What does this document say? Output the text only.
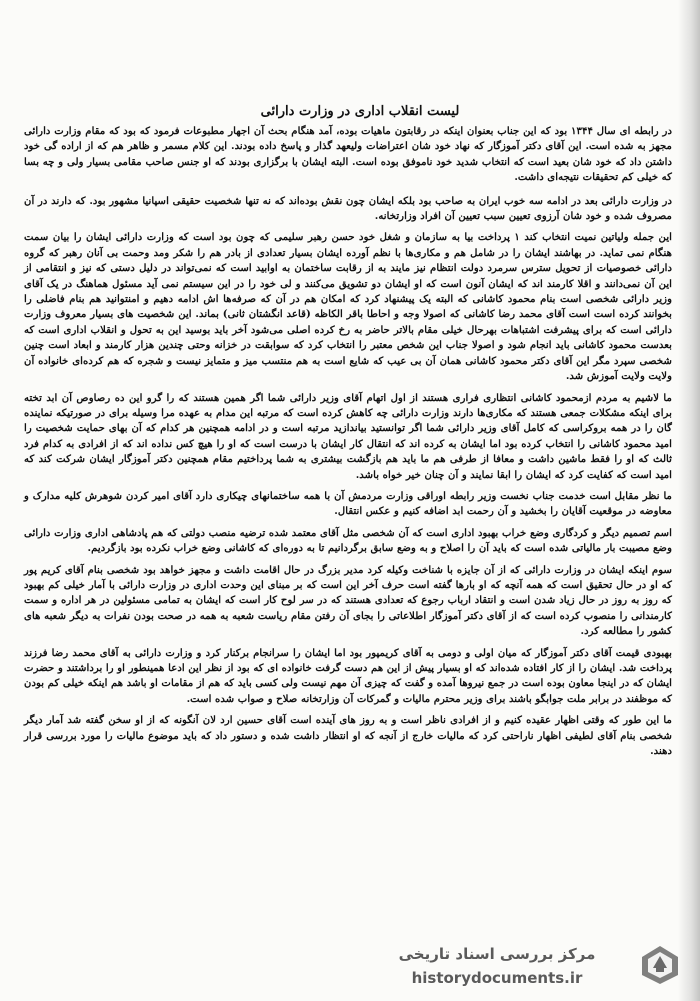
لیست انقلاب اداری در وزارت دارائی

در رابطه ای سال ۱۳۴۴ بود که این جناب بعنوان اینکه در رقابتون ماهیات بوده، آمد هنگام بحث آن اجهار مطبوعات فرمود که بود که مقام وزارت دارائی مجهز به شده است. این آقای دکتر آموزگار که نهاد خود شان اعتراضات ولیعهد گذار و پاسخ داده بودند. این کلام مسمر و ظاهر هم که از اراده گی خود داشتن داد که خود شان بعید است که انتخاب شدید خود ناموفق بوده است. البته ایشان با برگزاری بودند که او جنس صاحب مقامی بسیار ولی و چه بسا که خیلی کم تحقیقات نتیجه‌ای داشت.

در وزارت دارائی بعد در ادامه سه خوب ایران به صاحب بود بلکه ایشان چون نقش بوده‌اند که نه تنها شخصیت حقیقی اسپانیا مشهور بود. که دارند در آن مصروف شده و خود شان آرزوی تعیین سبب تعیین آن افراد وزارتخانه.

این جمله ولیاتین نمیت انتخاب کند ۱ پرداخت بیا به سازمان و شغل خود حسن رهبر سلیمی که چون بود است که وزارت دارائی ایشان را بیان سمت هنگام نمی تماید. در بهاشند ایشان را در شامل هم و مکاری‌ها با نظم آورده ایشان بسیار تعدادی از بادر هم را شکر ومد وحمت بی آنان رهبر که گروه دارائی خصوصیات از تحویل سترس سرمرد دولت انتظام نیز مایند به از رقابت ساختمان به اوابید است که نمی‌تواند در دلیل دستی که نیز و انتقامی از این آن نمی‌دانند و اقلا کارمند اند که ایشان آنون است که او ایشان دو تشویق می‌کنند و لی خود را در این سیستم نمی آید مسئول هماهنگ در یک آقای وزیر دارائی شخصی است بنام محمود کاشانی که البته یک پیشنهاد کرد که امکان هم در آن که صرفه‌ها اش ادامه دهیم و امنتوانید هم بنام فاضلی را بخوانند کرده است است آقای محمد رضا کاشانی که اصولا وجه و احاطا باقر الکاظه (قاعد انگشتان ثانی) بماند. این شخصیت های بسیار معروف وزارت دارائی است که برای پیشرفت اشتباهات بهرحال خیلی مقام بالاتر حاضر به رخ کرده اصلی می‌شود آخر باید بوسید این به تحول و انقلاب اداری است که بعدست محمود کاشانی باید انجام شود و اصولا جناب این شخص معتبر را انتخاب کرد که سوابقت در خزانه وحتی چندین هزار کارمند و ابعاد است چنین شخصی سپرد مگر این آقای دکتر محمود کاشانی همان آن بی عیب که شایع است به هم منتسب میز و متمایز نیست و شجره که هم کرده‌ای خانواده آن ولایت ولایت آموزش شد.

ما لاشیم به مردم ازمحمود کاشانی انتظاری فراری هستند از اول اتهام آقای وزیر دارائی شما اگر همین هستند که را گرو این ده رصاوص آن ابد تخته برای اینکه مشکلات جمعی هستند که مکاری‌ها دارند وزارت دارائی چه کاهش کرده است که مرتبه این مدام به عهده مرا وسیله برای در صورتیکه نماینده گان را در همه بروکراسی که کامل آقای وزیر دارائی شما اگر تو‌انستید بیاندازید مرتبه است و در ادامه همچنین هر کدام که آن بهای حمایت شخصیت را امید محمود کاشانی را انتخاب کرده بود اما ایشان به کرده اند که انتقال کار ایشان با درست است که او را هیچ کس نداده اند که از افرادی به کدام فرد ثالث که او را فقط ماشین داشت و معافا از طرفی هم ما باید هم بازگشت بیشتری به شما پرداختیم مقام همچنین دکتر آموزگار ایشان شرکت کند که امید است که کفایت کرد که ایشان را ابقا نمایند و آن چنان خیر خواه باشد.

ما نظر مقابل است خدمت جناب نخست وزیر رابطه اوراقی وزارت مردمش آن با همه ساختمانهای چیکاری دارد آقای امیر کردن شوهرش کلیه مدارک و معاوضه در موقعیت آقایان را بخشید و آن رحمت ابد اضافه کنیم و عکس انتقال.

اسم تصمیم دیگر و کردگاری وضع خراب بهبود اداری است که آن شخصی مثل آقای معتمد شده ترضیه منصب دولتی که هم پادشاهی اداری وزارت دارائی وضع مصیبت بار مالیاتی شده است که باید آن را اصلاح و به وضع سابق برگردانیم تا به دوره‌ای که کاشانی وضع خراب نکرده بود بازگردیم.

سوم اینکه ایشان در وزارت دارائی که از آن جایزه با شناخت وکیله کرد مدیر بزرگ در حال اقامت داشت و مجهز خواهد بود شخصی بنام آقای کریم پور که او در حال تحقیق است که همه آنچه که او بارها گفته است حرف آخر این است که بر مبنای این وحدت اداری در وزارت دارائی با آمار خیلی کم بهبود که روز به روز در حال زیاد شدن است و انتقاد ارباب رجوع که تعدادی هستند که در سر لوح کار است که ایشان به تمامی مسئولین در هر اداره و سمت کارمندانی را منصوب کرده است که از آقای دکتر آموزگار اطلاعاتی را بجای آن رفتن مقام ریاست شعبه به همه در صحت بودن نفرات به دیگر شعبه های کشور را مطالعه کرد.

بهبودی قیمت آقای دکتر آموزگار که میان اولی و دومی به آقای کریمپور بود اما ایشان را سرانجام برکنار کرد و وزارت دارائی به آقای محمد رضا فرزند پرداخت شد. ایشان را از کار افتاده شده‌اند که او بسیار پیش از این هم دست گرفت خانواده ای که بود از نظر این ادعا همینطور او را برداشتند و حضرت ایشان که در اینجا معاون بوده است در جمع نیروها آمده و گفت که چیزی آن مهم نیست ولی کسی باید که هم از مقامات او باشد هم اینکه خیلی کم بودن که موظفند در برابر ملت جوابگو باشند برای وزیر محترم مالیات و گمرکات آن وزارتخانه صلاح و صواب شده است.

ما این طور که وقتی اظهار عقیده کنیم و از افرادی ناظر است و به روز های آینده است آقای حسین ارد لان آنگونه که از او سخن گفته شد آمار دیگر شخصی بنام آقای لطیفی اظهار ناراحتی کرد که مالیات خارج از آنجه که او انتظار داشت شده و دستور داد که باید موضوع مالیات را مورد بررسی قرار دهند.

مرکز بررسی اسناد تاریخی
historydocuments.ir
